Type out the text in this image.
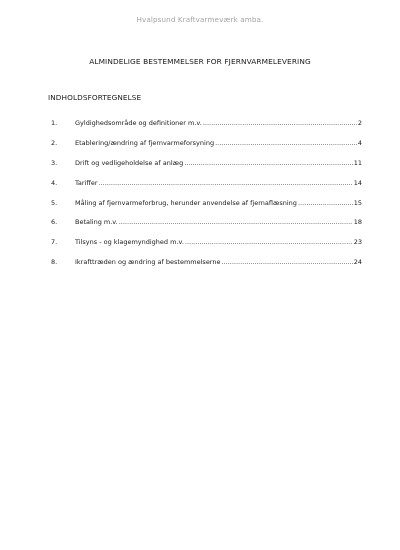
Hvalpsund Kraftvarmeværk amba.
ALMINDELIGE BESTEMMELSER FOR FJERNVARMELEVERING
INDHOLDSFORTEGNELSE
1.	Gyldighedsområde og definitioner m.v. .....	2
2.	Etablering/ændring af fjernvarmeforsyning .....	4
3.	Drift og vedligeholdelse af anlæg .....	11
4.	Tariffer .....	14
5.	Måling af fjernvarmeforbrug, herunder anvendelse af fjernaflæsning .....	15
6.	Betaling m.v. .....	18
7.	Tilsyns - og klagemyndighed m.v. .....	23
8.	Ikrafttræden og ændring af bestemmelserne .....	24
